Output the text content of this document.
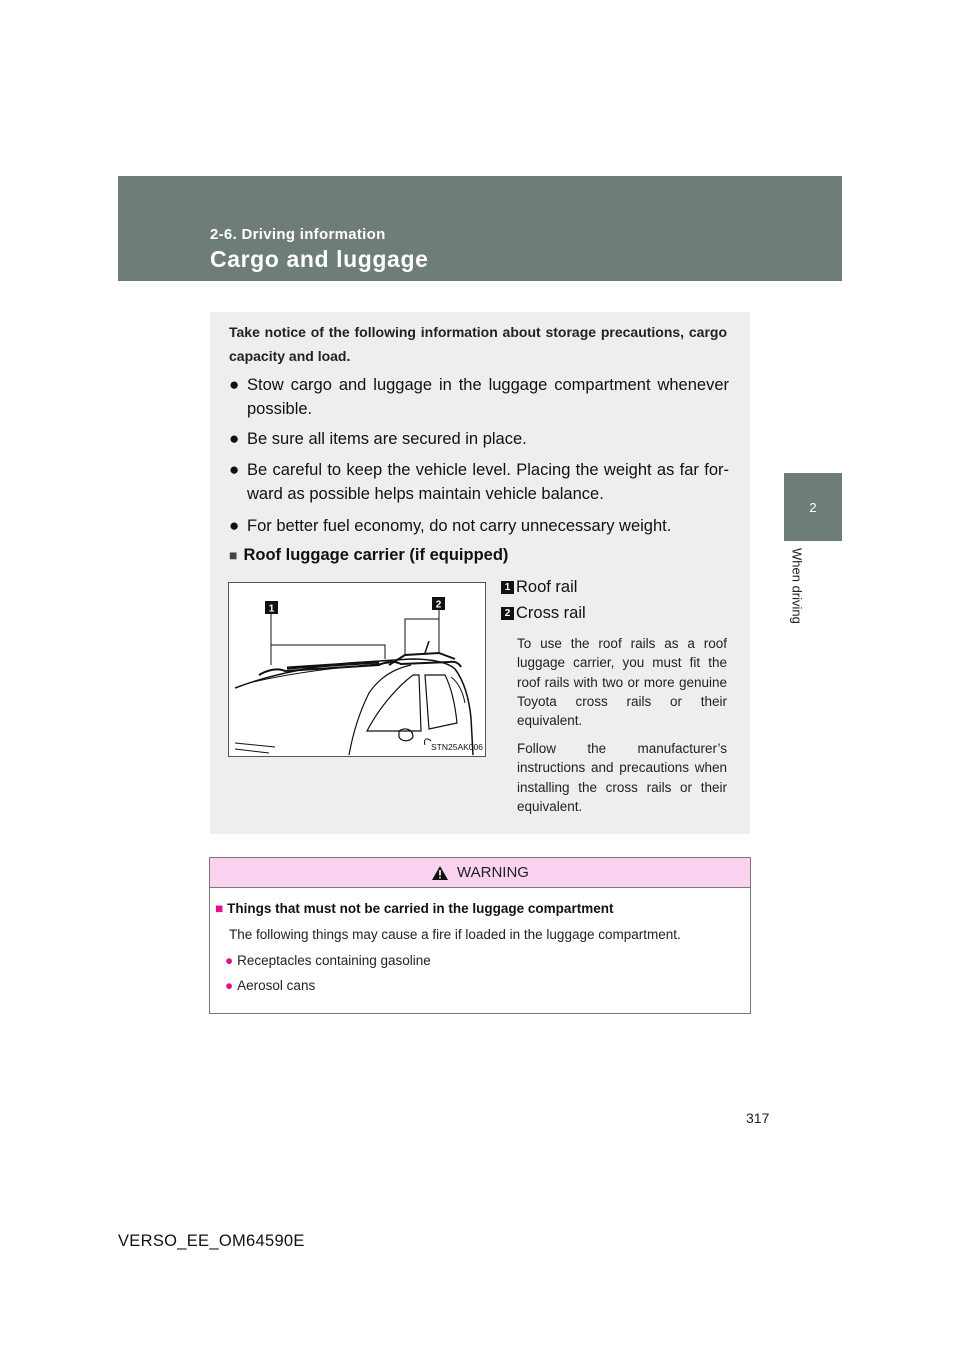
2-6. Driving information
Cargo and luggage
2
When driving
Take notice of the following information about storage precautions, cargo capacity and load.
● Stow cargo and luggage in the luggage compartment whenever possible.
● Be sure all items are secured in place.
● Be careful to keep the vehicle level. Placing the weight as far for-ward as possible helps maintain vehicle balance.
● For better fuel economy, do not carry unnecessary weight.
■ Roof luggage carrier (if equipped)
1	2
STN25AK006
1 Roof rail
2 Cross rail
To use the roof rails as a roof luggage carrier, you must fit the roof rails with two or more genuine Toyota cross rails or their equivalent.
Follow the manufacturer’s instructions and precautions when installing the cross rails or their equivalent.
WARNING
■ Things that must not be carried in the luggage compartment
The following things may cause a fire if loaded in the luggage compartment.
● Receptacles containing gasoline
● Aerosol cans
317
VERSO_EE_OM64590E
